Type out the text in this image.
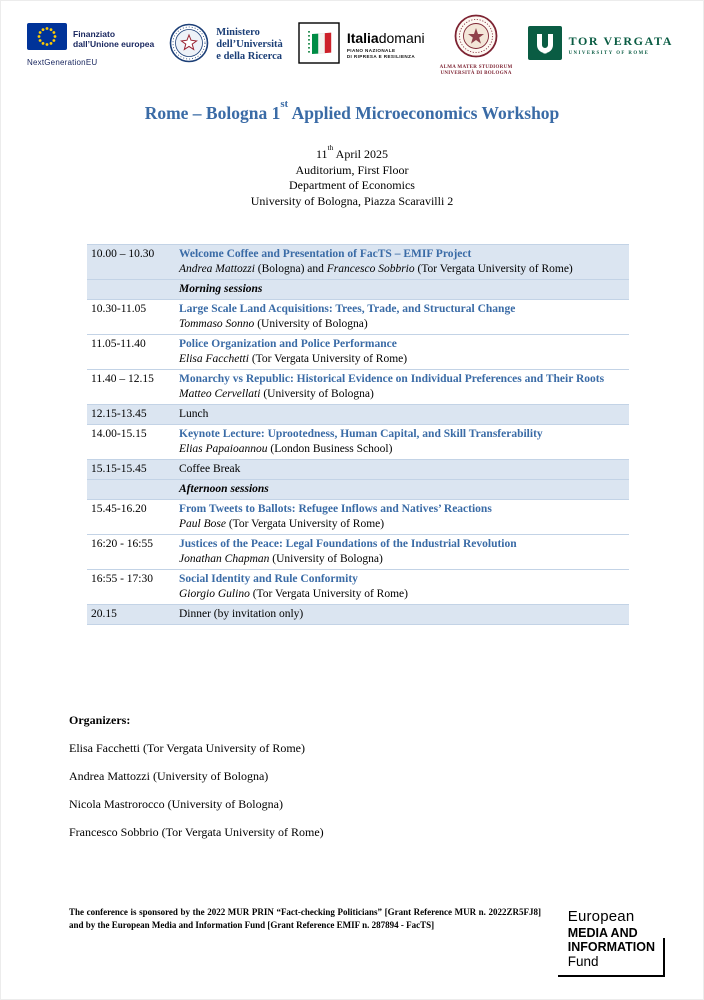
Finanziato
dall’Unione europea
NextGenerationEU
Ministero
dell’Università
e della Ricerca
Italiadomani
PIANO NAZIONALE
DI RIPRESA E RESILIENZA
ALMA MATER STUDIORUM
UNIVERSITÀ DI BOLOGNA
TOR VERGATA
UNIVERSITY OF ROME
Rome – Bologna 1st Applied Microeconomics Workshop
11th April 2025
Auditorium, First Floor
Department of Economics
University of Bologna, Piazza Scaravilli 2
10.00 – 10.30	Welcome Coffee and Presentation of FacTS – EMIF Project
Andrea Mattozzi (Bologna) and Francesco Sobbrio (Tor Vergata University of Rome)
Morning sessions
10.30-11.05	Large Scale Land Acquisitions: Trees, Trade, and Structural Change
Tommaso Sonno (University of Bologna)
11.05-11.40	Police Organization and Police Performance
Elisa Facchetti (Tor Vergata University of Rome)
11.40 – 12.15	Monarchy vs Republic: Historical Evidence on Individual Preferences and Their Roots
Matteo Cervellati (University of Bologna)
12.15-13.45	Lunch
14.00-15.15	Keynote Lecture: Uprootedness, Human Capital, and Skill Transferability
Elias Papaioannou (London Business School)
15.15-15.45	Coffee Break
Afternoon sessions
15.45-16.20	From Tweets to Ballots: Refugee Inflows and Natives’ Reactions
Paul Bose (Tor Vergata University of Rome)
16:20 - 16:55	Justices of the Peace: Legal Foundations of the Industrial Revolution
Jonathan Chapman (University of Bologna)
16:55 - 17:30	Social Identity and Rule Conformity
Giorgio Gulino (Tor Vergata University of Rome)
20.15	Dinner (by invitation only)
Organizers:
Elisa Facchetti (Tor Vergata University of Rome)
Andrea Mattozzi (University of Bologna)
Nicola Mastrorocco (University of Bologna)
Francesco Sobbrio (Tor Vergata University of Rome)
The conference is sponsored by the 2022 MUR PRIN “Fact-checking Politicians” [Grant Reference MUR n. 2022ZR5FJ8] and by the European Media and Information Fund [Grant Reference EMIF n. 287894 - FacTS]	European
MEDIA AND
INFORMATION
Fund
